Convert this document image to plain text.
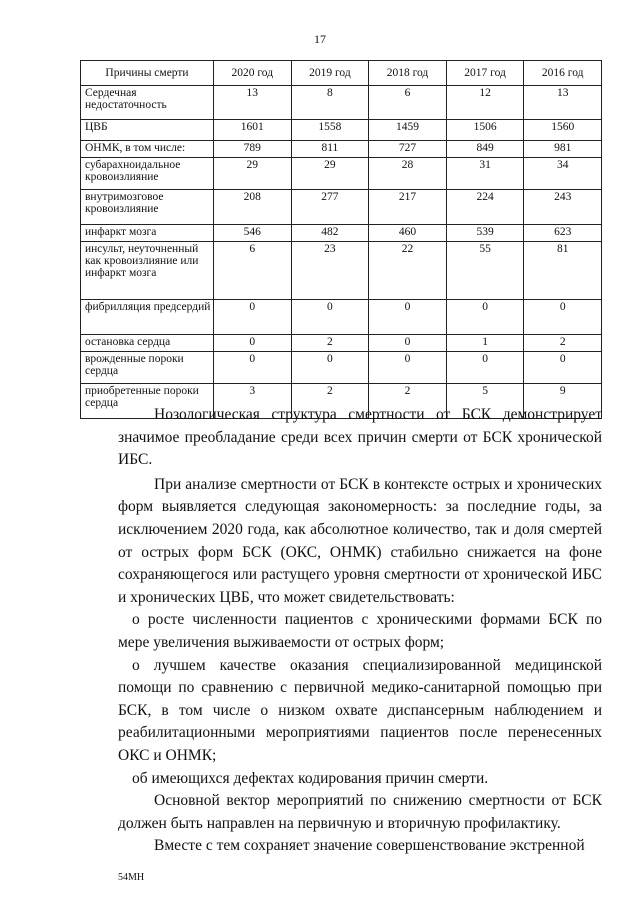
17
Причины смерти	2020 год	2019 год	2018 год	2017 год	2016 год
Сердечная недостаточность	13	8	6	12	13
ЦВБ	1601	1558	1459	1506	1560
ОНМК, в том числе:	789	811	727	849	981
субарахноидальное кровоизлияние	29	29	28	31	34
внутримозговое кровоизлияние	208	277	217	224	243
инфаркт мозга	546	482	460	539	623
инсульт, неуточненный как кровоизлияние или инфаркт мозга	6	23	22	55	81
фибрилляция предсердий	0	0	0	0	0
остановка сердца	0	2	0	1	2
врожденные пороки сердца	0	0	0	0	0
приобретенные пороки сердца	3	2	2	5	9

Нозологическая структура смертности от БСК демонстрирует значимое преобладание среди всех причин смерти от БСК хронической ИБС.

При анализе смертности от БСК в контексте острых и хронических форм выявляется следующая закономерность: за последние годы, за исключением 2020 года, как абсолютное количество, так и доля смертей от острых форм БСК (ОКС, ОНМК) стабильно снижается на фоне сохраняющегося или растущего уровня смертности от хронической ИБС и хронических ЦВБ, что может свидетельствовать:

о росте численности пациентов с хроническими формами БСК по мере увеличения выживаемости от острых форм;

о лучшем качестве оказания специализированной медицинской помощи по сравнению с первичной медико-санитарной помощью при БСК, в том числе о низком охвате диспансерным наблюдением и реабилитационными мероприятиями пациентов после перенесенных ОКС и ОНМК;

об имеющихся дефектах кодирования причин смерти.

Основной вектор мероприятий по снижению смертности от БСК должен быть направлен на первичную и вторичную профилактику.

Вместе с тем сохраняет значение совершенствование экстренной

54МН
